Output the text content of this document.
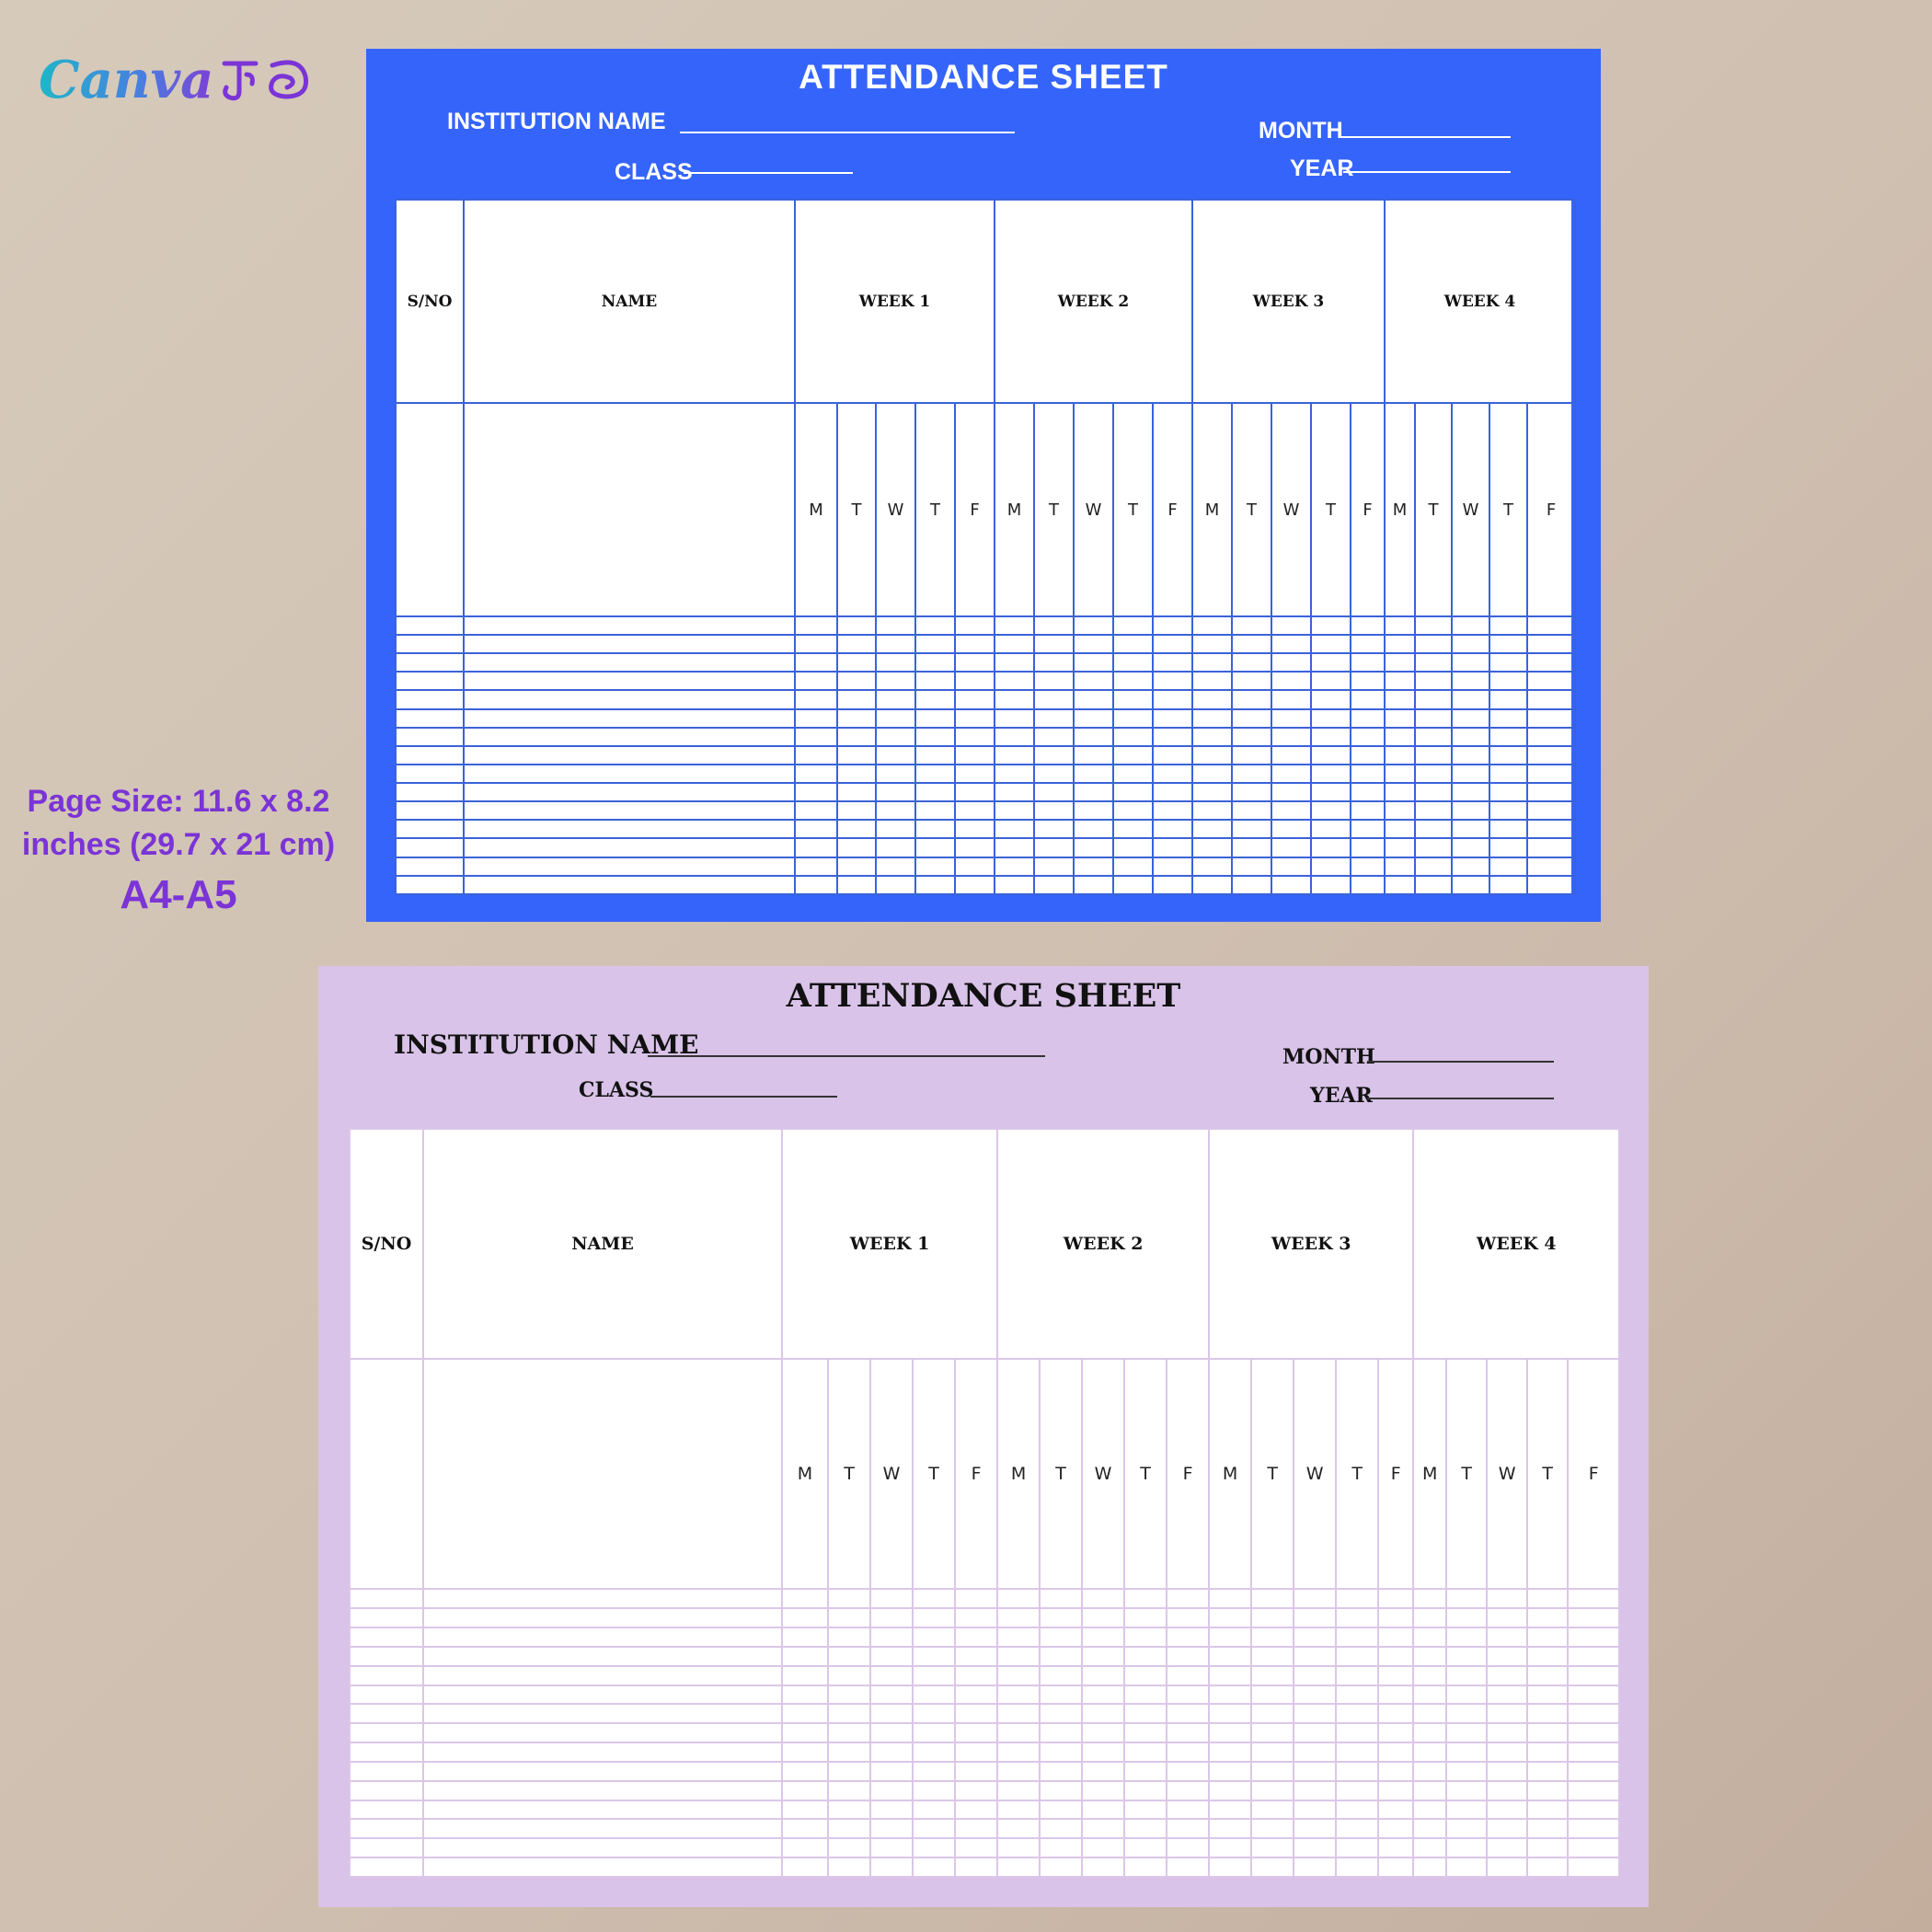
Canva
Page Size: 11.6 x 8.2 inches (29.7 x 21 cm)
A4-A5
ATTENDANCE SHEET
INSTITUTION NAME
CLASS
MONTH
YEAR
S/NO	NAME	WEEK 1					WEEK 2					WEEK 3					WEEK 4				
		M	T	W	T	F	M	T	W	T	F	M	T	W	T	F	M	T	W	T	F

ATTENDANCE SHEET
INSTITUTION NAME
CLASS
MONTH
YEAR
S/NO	NAME	WEEK 1					WEEK 2					WEEK 3					WEEK 4				
		M	T	W	T	F	M	T	W	T	F	M	T	W	T	F	M	T	W	T	F
